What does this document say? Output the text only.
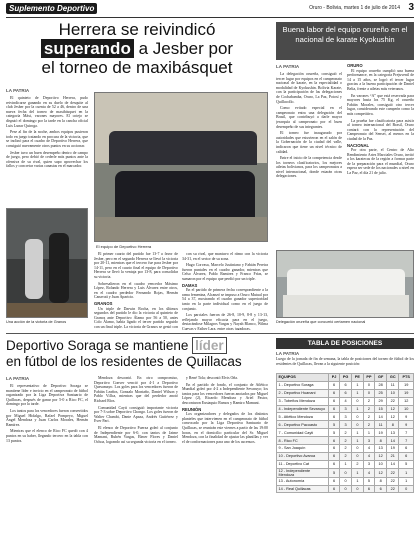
Suplemento Deportivo	Oruro - Bolivia, martes 1 de julio de 2014 3
Herrera se reivindicó
superando a Jesber por
el torneo de maxibásquet
LA PATRIA

El quinteto de Deportivo Herrera, pudo reivindicarse ganando en su duelo de desquite al club Jesber por la cuenta de 52 a 46, dentro de una nueva fecha del torneo de maxibásquet en la categoría Máxi, varones mayores. El cotejo se disputó el domingo por la tarde en la cancha oficial Luis Lunar Quiroga.

Pese al fin de la noche, ambos equipos pusieron todo en juego tratando en procura de la victoria, que se inclinó para el cuadro de Deportivo Herrera, que consiguió nuevamente otros puntos en su accionar.

Jesber tuvo un buen desempeño dentro de campo de juego, pero debió de cederle más puntos ante la ofensiva de su rival, quien supo aprovechar los fallos y concretar varias canastas en el marcador.

El equipo de Deportivo Herrera
Una acción de la victoria de Granos

El primer cuarto del partido fue 13-7 a favor de Jesber, pero en el segundo Herrera se llevó la victoria por 20-11, mientras que el tercero fue para Jesber por 14-11, pero en el cuarto final el equipo de Deportivo Herrera se llevó la ventaja por 13-8, para consolidar su victoria.

Sobresalieron en el cuadro vencedor Máximo López, Rolando Herrera y Luis Álvarez entre otros, en el cuadro perdedor Fernando Rojas, Hernán Canavati y Juan Aparicio.

GRANOS

Un triple de Darwin Rocha, en los últimos segundos del partido le dio la victoria al quinteto de Granos ante Deportivo Álamo por 56 a 50, antes Colo Álamo, había ligado el tercer partido seguido con un final triple. La victoria de Granos se gestó con

con su rival, que mantuvo el ritmo con la victoria 34-31, en el sector de su zona.

Hugo Corvasa, Marcelo Justiniano y Fabián Pereira fueron puntales en el cuadro ganador, mientras que Celso Alvarez, Pablo Ramirez y Franco Frías, se sumaron por el equipo que perdió por un triple.

DAMAS

En el partido de primera fecha correspondiente a la rama femenina, Alcanzó se impuso a Oruro Mutual por 54 a 37, mostrando el cuadro ganador superioridad tanto en la parte individual como en el juego de conjunto.

Los parciales fueron de 26-8, 10-9, 8-8 y 13-13, reflejando mayor eficacia para en el juego, destacándose Milagros Vargas y Nayah Blanco, Wilma Cuevas y Esther Lara, entre otras jugadoras.

Buena labor del equipo orureño en el nacional de karate Kyokushin
LA PATRIA

La delegación orureña, consiguió el tercer lugar por equipos en el campeonato nacional de karate, en la especialidad o modalidad de Kyokushin. Bolivia Karate, con la participación de las delegaciones de Cochabamba, Oruro, La Paz, Potosí y Quillacollo.

Como evitado especial en el campeonato entra una delegación del Brasil, que contribuyó a darle mayor jerarquía al campeonato por el buen desempeño de sus integrantes.

El torneo fue inaugurado por autoridades que estuvieron en el salón de la Gobernación de la ciudad del valle, indicaron que tiene un nivel técnico de calidad.

Entre el inicio de la competencia desde los torneos clasificatorios, los mejores atletas bolivianos, para los campeonatos a nivel internacional, donde estarán otras delegaciones.

ORURO

El equipo orureño cumplió una buena performance, en la categoría Prejuvenil de 14 a 15 años, se logró el tercer lugar gracias a la buena participación de Daniel Belia, frente a atletas más veteranos.

En varones “A” que está reservada para mayores hasta los 75 Kg, el orureño Fabián Morales, consiguió otro tercer lugar, considerando este campeón como la más competitiva.

La prueba fue clasificatoria para asistir al torneo internacional del Brasil, Oruro contará con la representación del Campeonato del Sensei, al menos en la ciudad de la Paz.

NACIONAL

Por otra parte, el Centro de Alto Rendimiento Artes Marciales Oruro, invitó a los karatecas de la región a formar parte de la preparación para el mundial, Oruro espera ser sede de los nacionales a nivel en La Paz, el día 21 de julio.

Delegación orureña que concurrió certamen nacional
Deportivo Soraga se mantiene líder
en fútbol de los residentes de Quillacas
LA PATRIA

El representativo de Deportivo Soraga se mantiene líder e invicto en el campeonato de fútbol organizado por la Liga Deportiva Santuario de Quillacas, después de ganar por 5-0 a Rico FC, el domingo por la tarde.

Los tantos para los vencedores fueron convertidos por Miguel Hidalgo, Rafael Pompeyo, Miguel Ángel Mendoza y Juan Carlos Morales, Hernán Ramírez.

Mientras que el elenco de Rico FC quedó con 4 puntos en su haber, llegando tercero en la tabla con 13 puntos.

Mendoza descontó. En otro compromiso, Deportivo Conver venció por 4-1 a Deportivo Quesamayo. Los goles para los vencedores fueron de Fabián Leaños, Gonzalo Montaño, Daniel Wilson y Pablo Villca, mientras que del perdedor anotó Richard Ríos.

Comunidad Cayti consiguió importante victoria por 7-3 sobre Deportivo Chongo. Los goles fueron de Walter Chambi, Dante Apaza, Andrés Gutiérrez y Ever Pari.

El elenco de Deportivo Fuerza goleó al conjunto de Independiente por 6-0, con tantos de Jaime Mamani, Rubén Vargas, Elmer Flores y Daniel Ochoa, logrando así su segunda victoria en el torneo.

y René Tola; descontó Elvis Oña.

En el partido de fondo, el conjunto de Atlético Mundial goleó por 4-2 a Independiente Sevaruyo; los tantos para los vencedores fueron anotados por Miguel López (2), Ricardo Mendoza y Ariel Pastor, descontaron Eustaquio Ramos y Ramiro Mamani.

REUNIÓN

Los organizadores y delegados de los distintos planteles que intervienen en el campeonato de fútbol convocado por la Liga Deportiva Santuario de Quillacas, se reunirán este viernes a partir de las 19:00 horas, en el domicilio particular del Sr. Miguel Mendoza, con la finalidad de ajustar las planillas y ver el de conformaciones para uno de los ascensos.

TABLA DE POSICIONES
LA PATRIA
Luego de la jornada de fin de semana, la tabla de posiciones del torneo de fútbol de los residentes de Quillacas, llevan a la siguiente posición:
EQUIPOS	PJ	PG	PE	PP	GF	GC	PTS
1 - Deportivo Soraga	6	6	1	0	28	11	19
2 - Deportivo Huanani	6	6	1	0	25	10	19
3 - Tobeños Mendoza	6	4	0	2	29	22	12
4 - Independiente Sevaruyo	6	3	1	2	15	12	10
5 - Atlético Mendoza	6	3	0	2	14	12	9
6 - Deportivo Pacoasto	5	3	0	2	11	8	9
7 - Comunidad Cayti	5	2	1	1	19	13	7
8 - Rico FC	6	2	1	3	8	14	7
9 - San Joaquín	6	2	0	4	13	19	6
10 - Deportivo Avaroa	6	2	0	4	12	21	6
11 - Deportivo Cat	6	1	2	3	10	14	5
12 - Independiente Mendoza	5	0	1	4	12	22	1
13 - Autonomía	6	0	1	5	8	22	1
14 - Real Quillacas	6	0	0	6	6	22	0
